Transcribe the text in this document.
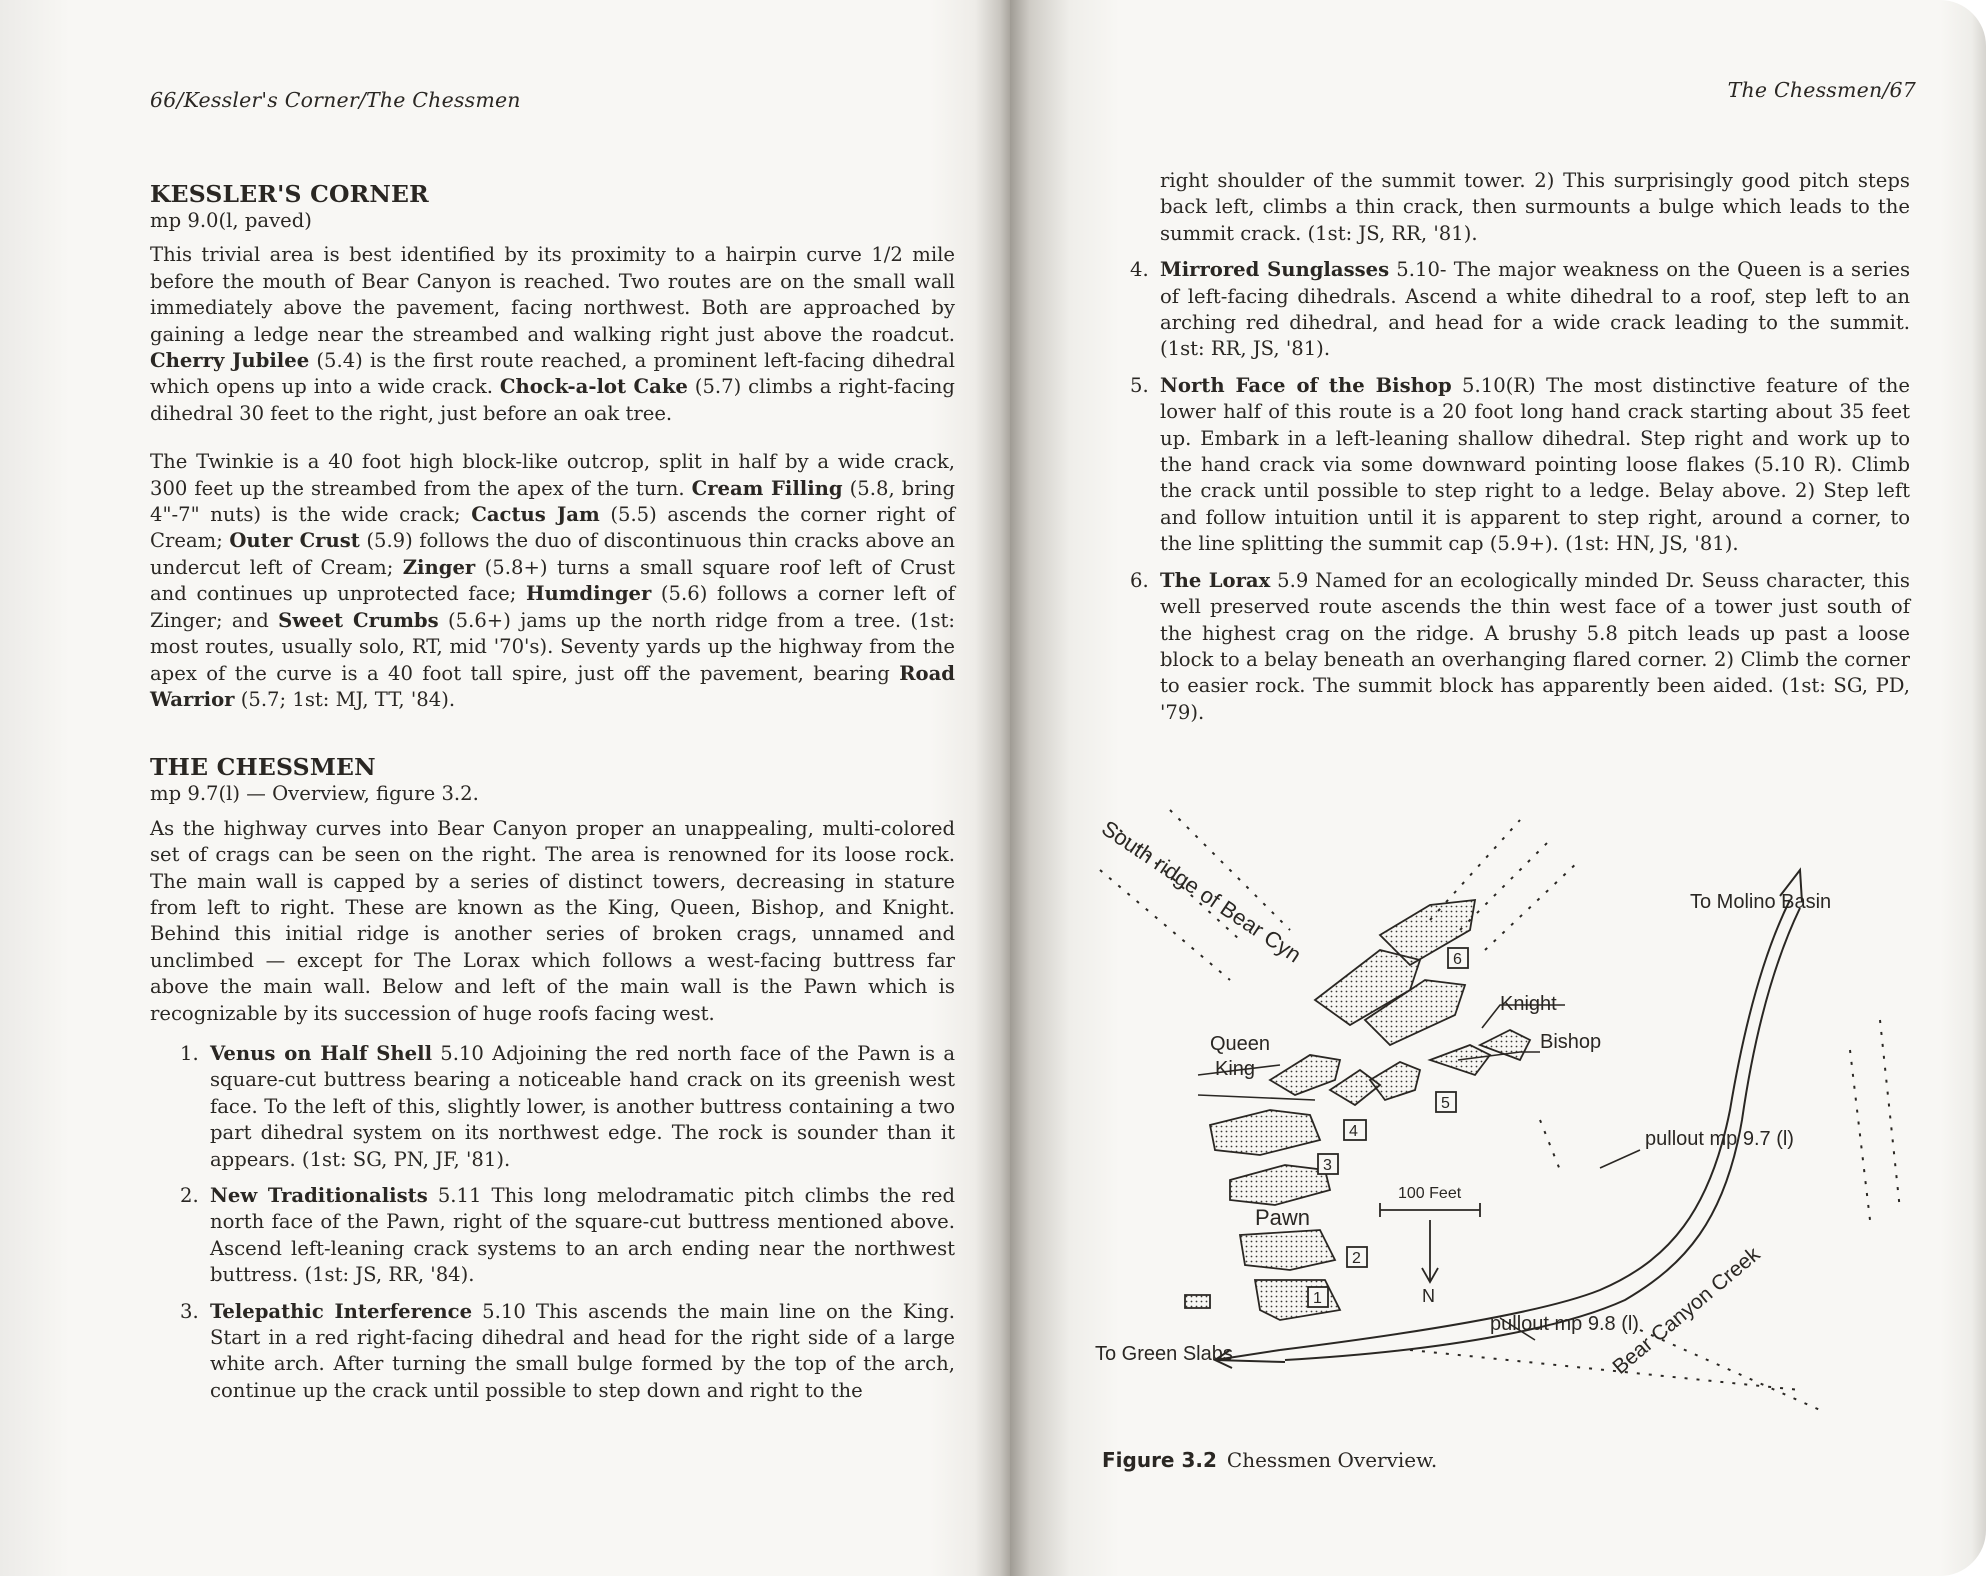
66/Kessler's Corner/The Chessmen
KESSLER'S CORNER

mp 9.0(l, paved)

This trivial area is best identified by its proximity to a hairpin curve 1/2 mile before the mouth of Bear Canyon is reached. Two routes are on the small wall immediately above the pavement, facing northwest. Both are approached by gaining a ledge near the streambed and walking right just above the roadcut. Cherry Jubilee (5.4) is the first route reached, a prominent left-facing dihedral which opens up into a wide crack. Chock-a-lot Cake (5.7) climbs a right-facing dihedral 30 feet to the right, just before an oak tree.

The Twinkie is a 40 foot high block-like outcrop, split in half by a wide crack, 300 feet up the streambed from the apex of the turn. Cream Filling (5.8, bring 4"-7" nuts) is the wide crack; Cactus Jam (5.5) ascends the corner right of Cream; Outer Crust (5.9) follows the duo of discontinuous thin cracks above an undercut left of Cream; Zinger (5.8+) turns a small square roof left of Crust and continues up unprotected face; Humdinger (5.6) follows a corner left of Zinger; and Sweet Crumbs (5.6+) jams up the north ridge from a tree. (1st: most routes, usually solo, RT, mid '70's). Seventy yards up the highway from the apex of the curve is a 40 foot tall spire, just off the pavement, bearing Road Warrior (5.7; 1st: MJ, TT, '84).

THE CHESSMEN

mp 9.7(l) — Overview, figure 3.2.

As the highway curves into Bear Canyon proper an unappealing, multi-colored set of crags can be seen on the right. The area is renowned for its loose rock. The main wall is capped by a series of distinct towers, decreasing in stature from left to right. These are known as the King, Queen, Bishop, and Knight. Behind this initial ridge is another series of broken crags, unnamed and unclimbed — except for The Lorax which follows a west-facing buttress far above the main wall. Below and left of the main wall is the Pawn which is recognizable by its succession of huge roofs facing west.

1. Venus on Half Shell 5.10 Adjoining the red north face of the Pawn is a square-cut buttress bearing a noticeable hand crack on its greenish west face. To the left of this, slightly lower, is another buttress containing a two part dihedral system on its northwest edge. The rock is sounder than it appears. (1st: SG, PN, JF, '81).
2. New Traditionalists 5.11 This long melodramatic pitch climbs the red north face of the Pawn, right of the square-cut buttress mentioned above. Ascend left-leaning crack systems to an arch ending near the northwest buttress. (1st: JS, RR, '84).
3. Telepathic Interference 5.10 This ascends the main line on the King. Start in a red right-facing dihedral and head for the right side of a large white arch. After turning the small bulge formed by the top of the arch, continue up the crack until possible to step down and right to the
The Chessmen/67

right shoulder of the summit tower. 2) This surprisingly good pitch steps back left, climbs a thin crack, then surmounts a bulge which leads to the summit crack. (1st: JS, RR, '81).

4. Mirrored Sunglasses 5.10- The major weakness on the Queen is a series of left-facing dihedrals. Ascend a white dihedral to a roof, step left to an arching red dihedral, and head for a wide crack leading to the summit. (1st: RR, JS, '81).
5. North Face of the Bishop 5.10(R) The most distinctive feature of the lower half of this route is a 20 foot long hand crack starting about 35 feet up. Embark in a left-leaning shallow dihedral. Step right and work up to the hand crack via some downward pointing loose flakes (5.10 R). Climb the crack until possible to step right to a ledge. Belay above. 2) Step left and follow intuition until it is apparent to step right, around a corner, to the line splitting the summit cap (5.9+). (1st: HN, JS, '81).
6. The Lorax 5.9 Named for an ecologically minded Dr. Seuss character, this well preserved route ascends the thin west face of a tower just south of the highest crag on the ridge. A brushy 5.8 pitch leads up past a loose block to a belay beneath an overhanging flared corner. 2) Climb the corner to easier rock. The summit block has apparently been aided. (1st: SG, PD, '79).
1
2
3
4
5
6
South ridge of Bear Cyn	To Molino Basin
Knight
Bishop
Queen
King
100 Feet
N
pullout mp 9.7 (l)
Pawn
pullout mp 9.8 (l)
To Green Slabs	Bear Canyon Creek
Figure 3.2 Chessmen Overview.
